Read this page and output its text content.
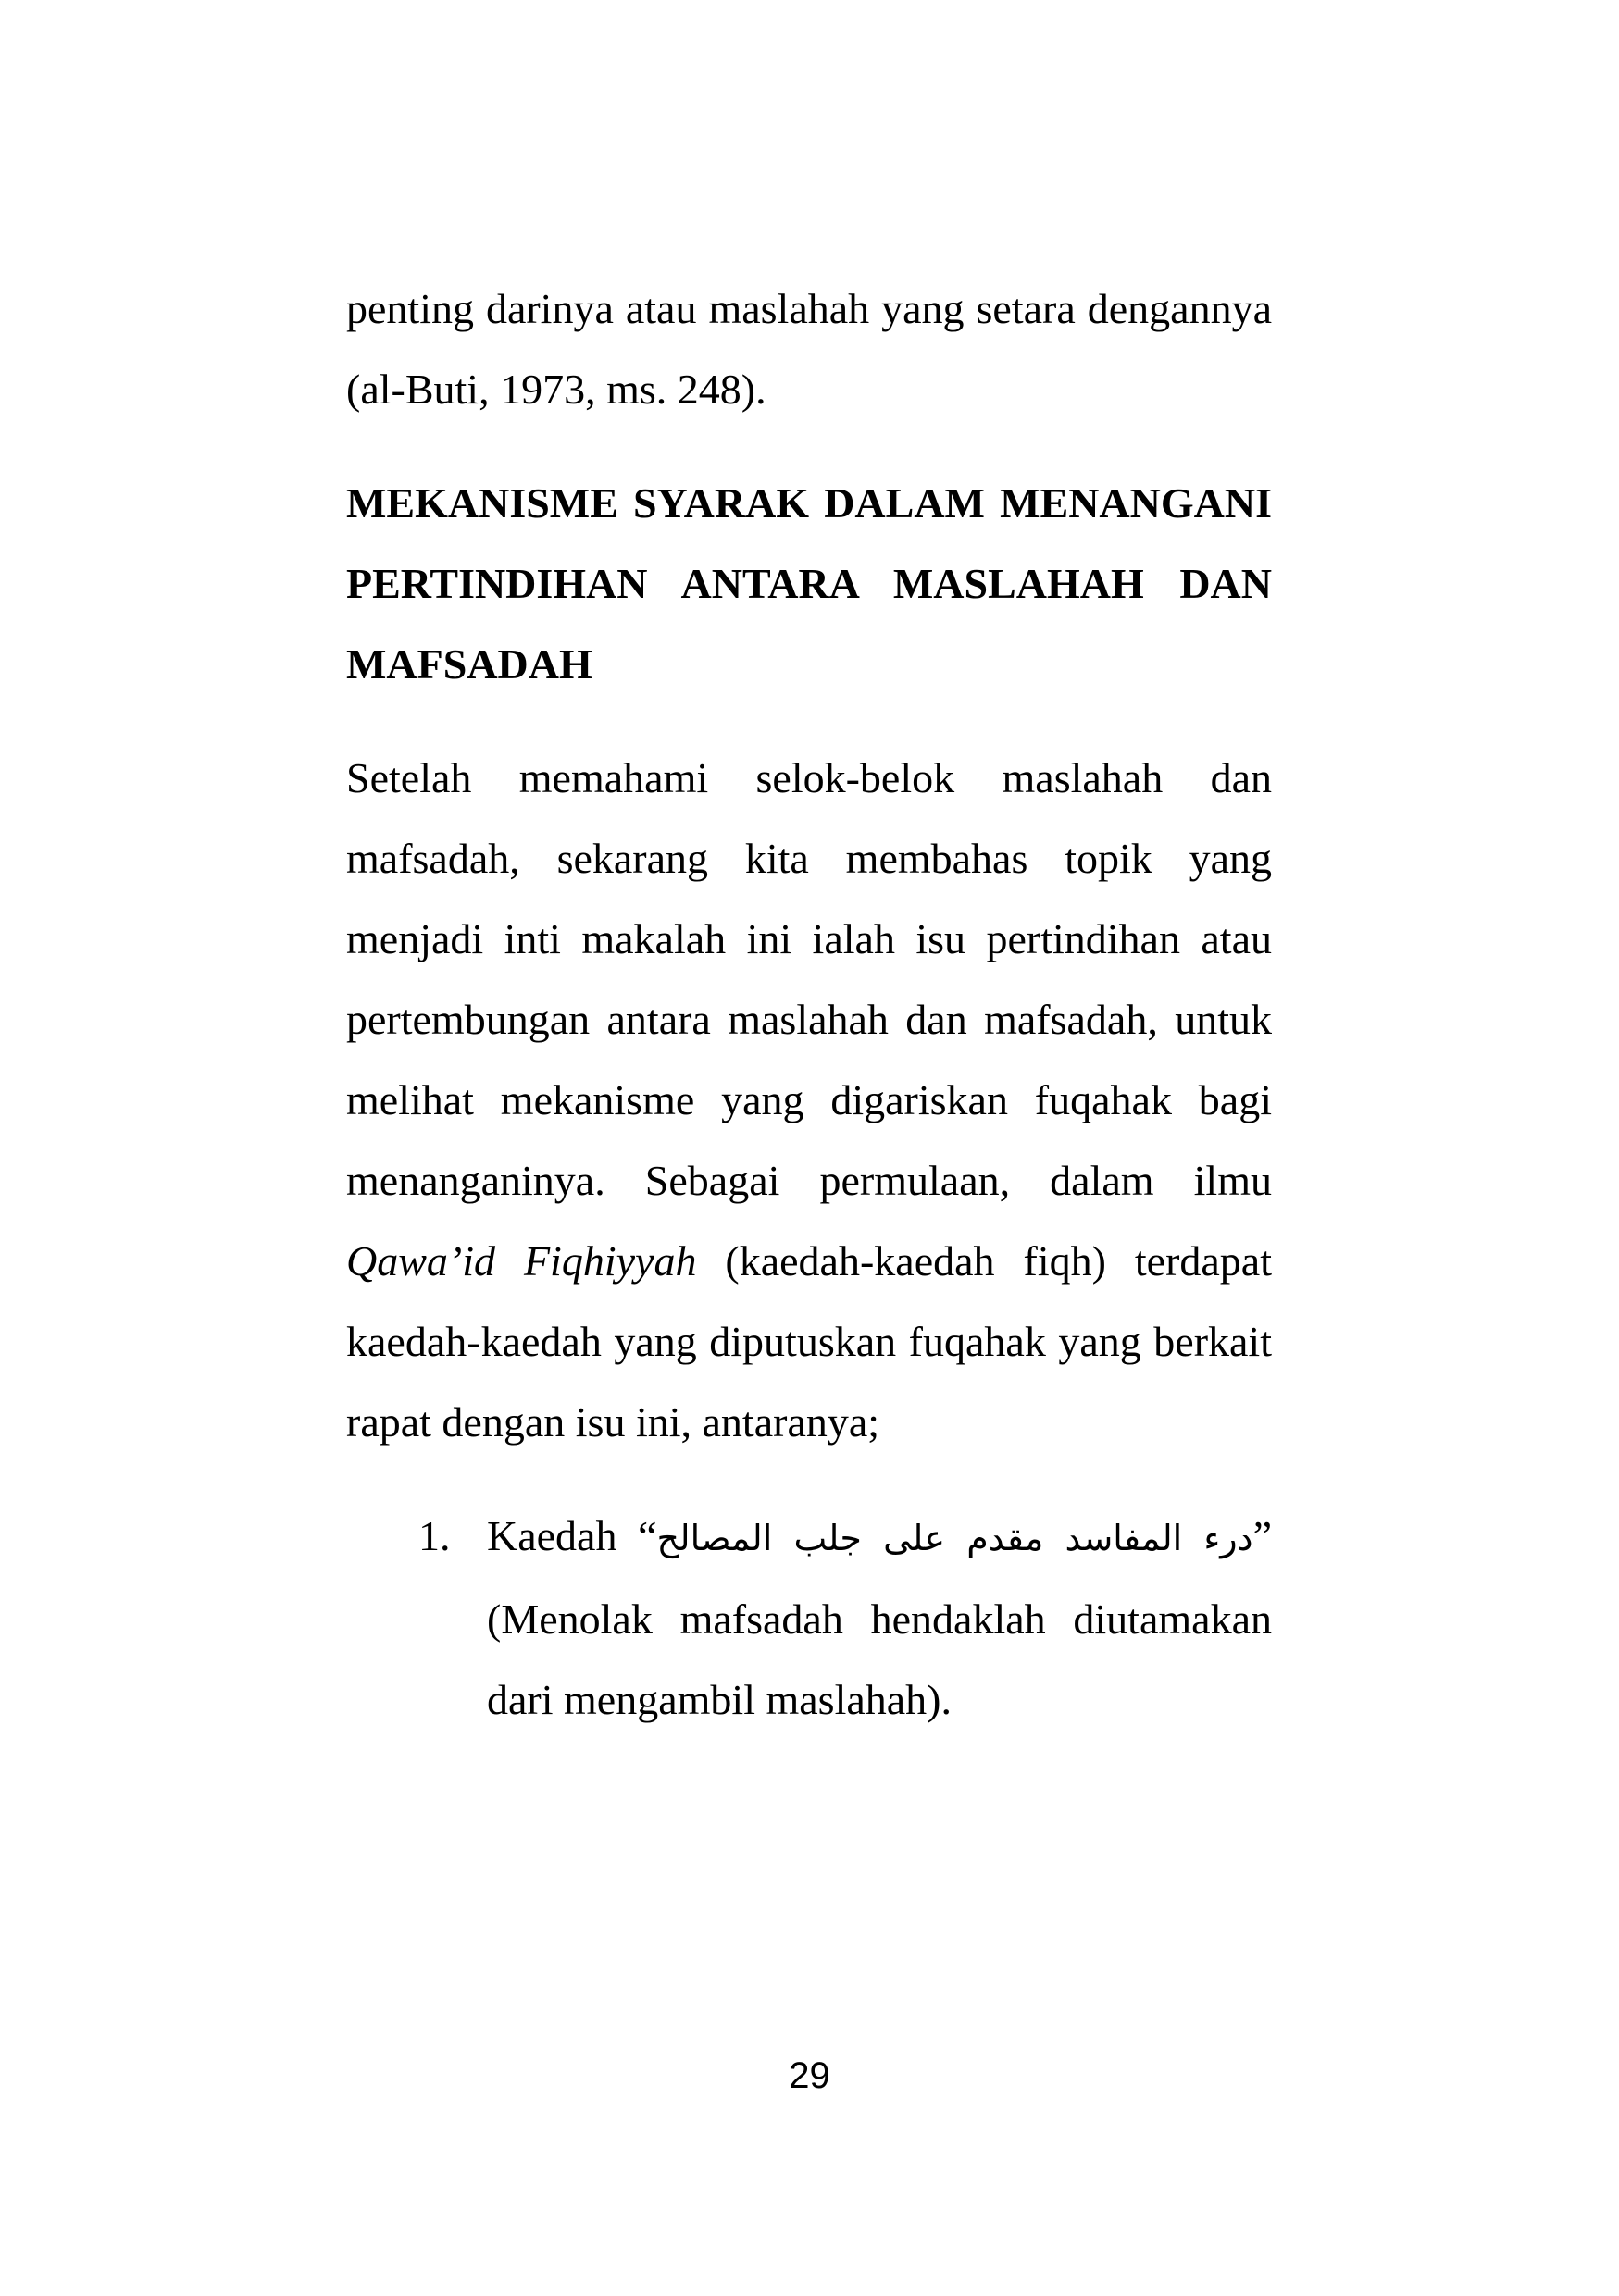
penting darinya atau maslahah yang setara dengannya (al-Buti, 1973, ms. 248).

MEKANISME SYARAK DALAM MENANGANI PERTINDIHAN ANTARA MASLAHAH DAN MAFSADAH

Setelah memahami selok-belok maslahah dan mafsadah, sekarang kita membahas topik yang menjadi inti makalah ini ialah isu pertindihan atau pertembungan antara maslahah dan mafsadah, untuk melihat mekanisme yang digariskan fuqahak bagi menanganinya. Sebagai permulaan, dalam ilmu Qawa’id Fiqhiyyah (kaedah-kaedah fiqh) terdapat kaedah-kaedah yang diputuskan fuqahak yang berkait rapat dengan isu ini, antaranya;

1. Kaedah “درء المفاسد مقدم على جلب المصالح” (Menolak mafsadah hendaklah diutamakan dari mengambil maslahah).
29
